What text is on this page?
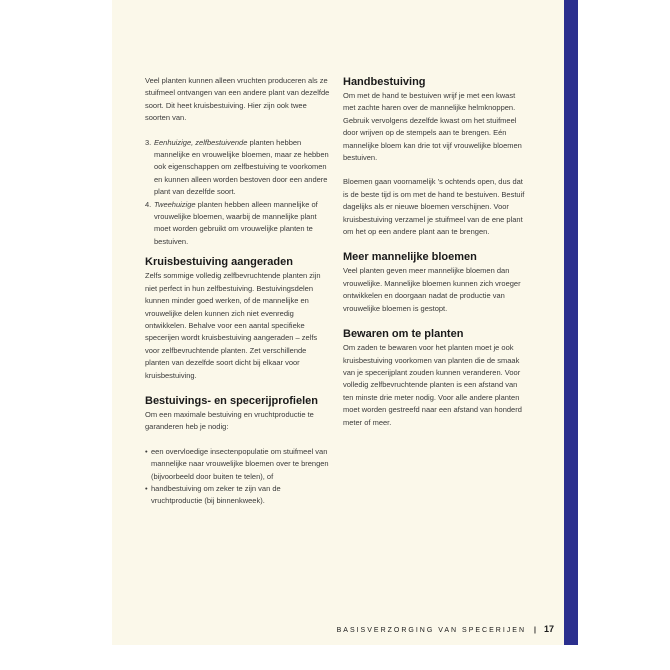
Veel planten kunnen alleen vruchten produceren als ze stuifmeel ontvangen van een andere plant van dezelfde soort. Dit heet kruisbestuiving. Hier zijn ook twee soorten van.

3. Eenhuizige, zelfbestuivende planten hebben mannelijke en vrouwelijke bloemen, maar ze hebben ook eigenschappen om zelfbestuiving te voorkomen en kunnen alleen worden bestoven door een andere plant van dezelfde soort.
4. Tweehuizige planten hebben alleen mannelijke of vrouwelijke bloemen, waarbij de mannelijke plant moet worden gebruikt om vrouwelijke planten te bestuiven.
Kruisbestuiving aangeraden

Zelfs sommige volledig zelfbevruchtende planten zijn niet perfect in hun zelfbestuiving. Bestuivingsdelen kunnen minder goed werken, of de mannelijke en vrouwelijke delen kunnen zich niet evenredig ontwikkelen. Behalve voor een aantal specifieke specerijen wordt kruisbestuiving aangeraden – zelfs voor zelfbevruchtende planten. Zet verschillende planten van dezelfde soort dicht bij elkaar voor kruisbestuiving.

Bestuivings- en specerijprofielen

Om een maximale bestuiving en vruchtproductie te garanderen heb je nodig:

• een overvloedige insectenpopulatie om stuifmeel van mannelijke naar vrouwelijke bloemen over te brengen (bijvoorbeeld door buiten te telen), of
• handbestuiving om zeker te zijn van de vruchtproductie (bij binnenkweek).
Handbestuiving

Om met de hand te bestuiven wrijf je met een kwast met zachte haren over de mannelijke helmknoppen. Gebruik vervolgens dezelfde kwast om het stuifmeel door wrijven op de stempels aan te brengen. Eén mannelijke bloem kan drie tot vijf vrouwelijke bloemen bestuiven.

Bloemen gaan voornamelijk 's ochtends open, dus dat is de beste tijd is om met de hand te bestuiven. Bestuif dagelijks als er nieuwe bloemen verschijnen. Voor kruisbestuiving verzamel je stuifmeel van de ene plant om het op een andere plant aan te brengen.

Meer mannelijke bloemen

Veel planten geven meer mannelijke bloemen dan vrouwelijke. Mannelijke bloemen kunnen zich vroeger ontwikkelen en doorgaan nadat de productie van vrouwelijke bloemen is gestopt.

Bewaren om te planten

Om zaden te bewaren voor het planten moet je ook kruisbestuiving voorkomen van planten die de smaak van je specerijplant zouden kunnen veranderen. Voor volledig zelfbevruchtende planten is een afstand van ten minste drie meter nodig. Voor alle andere planten moet worden gestreefd naar een afstand van honderd meter of meer.

BASISVERZORGING VAN SPECERIJEN | 17
